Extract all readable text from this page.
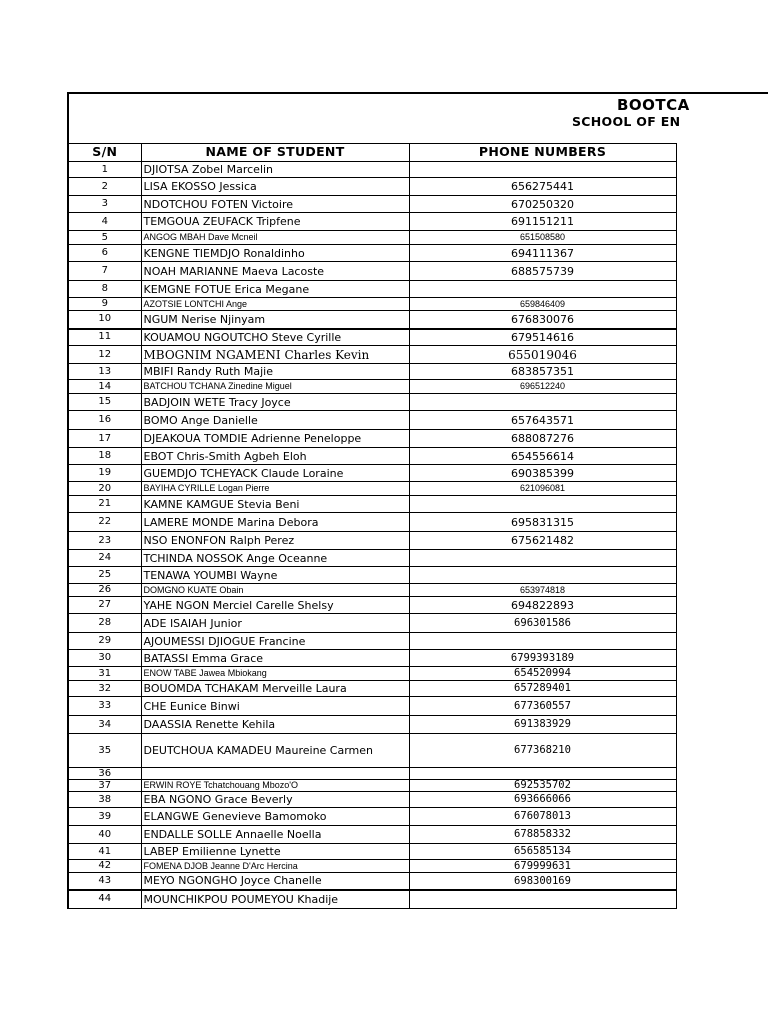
BOOTCA
SCHOOL OF EN
S/N	NAME OF STUDENT	PHONE NUMBERS
1	DJIOTSA Zobel Marcelin	
2	LISA EKOSSO Jessica	656275441
3	NDOTCHOU FOTEN Victoire	670250320
4	TEMGOUA ZEUFACK Tripfene	691151211
5	ANGOG MBAH Dave Mcneil	651508580
6	KENGNE TIEMDJO Ronaldinho	694111367
7	NOAH MARIANNE Maeva Lacoste	688575739
8	KEMGNE FOTUE Erica Megane	
9	AZOTSIE LONTCHI Ange	659846409
10	NGUM Nerise Njinyam	676830076
11	KOUAMOU NGOUTCHO Steve Cyrille	679514616
12	MBOGNIM NGAMENI Charles Kevin	655019046
13	MBIFI Randy Ruth Majie	683857351
14	BATCHOU TCHANA Zinedine Miguel	696512240
15	BADJOIN WETE Tracy Joyce	
16	BOMO Ange Danielle	657643571
17	DJEAKOUA TOMDIE Adrienne Peneloppe	688087276
18	EBOT Chris-Smith Agbeh Eloh	654556614
19	GUEMDJO TCHEYACK Claude Loraine	690385399
20	BAYIHA CYRILLE Logan Pierre	621096081
21	KAMNE KAMGUE Stevia Beni	
22	LAMERE MONDE Marina Debora	695831315
23	NSO ENONFON Ralph Perez	675621482
24	TCHINDA NOSSOK Ange Oceanne	
25	TENAWA YOUMBI Wayne	
26	DOMGNO KUATE Obain	653974818
27	YAHE NGON Merciel Carelle Shelsy	694822893
28	ADE ISAIAH Junior	696301586
29	AJOUMESSI DJIOGUE Francine	
30	BATASSI Emma Grace	6799393189
31	ENOW TABE Jawea Mbiokang	654520994
32	BOUOMDA TCHAKAM Merveille Laura	657289401
33	CHE Eunice Binwi	677360557
34	DAASSIA Renette Kehila	691383929
35	DEUTCHOUA KAMADEU Maureine Carmen	677368210
36		
37	ERWIN ROYE Tchatchouang Mbozo'O	692535702
38	EBA NGONO Grace Beverly	693666066
39	ELANGWE Genevieve Bamomoko	676078013
40	ENDALLE SOLLE Annaelle Noella	678858332
41	LABEP Emilienne Lynette	656585134
42	FOMENA DJOB Jeanne D'Arc Hercina	679999631
43	MEYO NGONGHO Joyce Chanelle	698300169
44	MOUNCHIKPOU POUMEYOU Khadije	
